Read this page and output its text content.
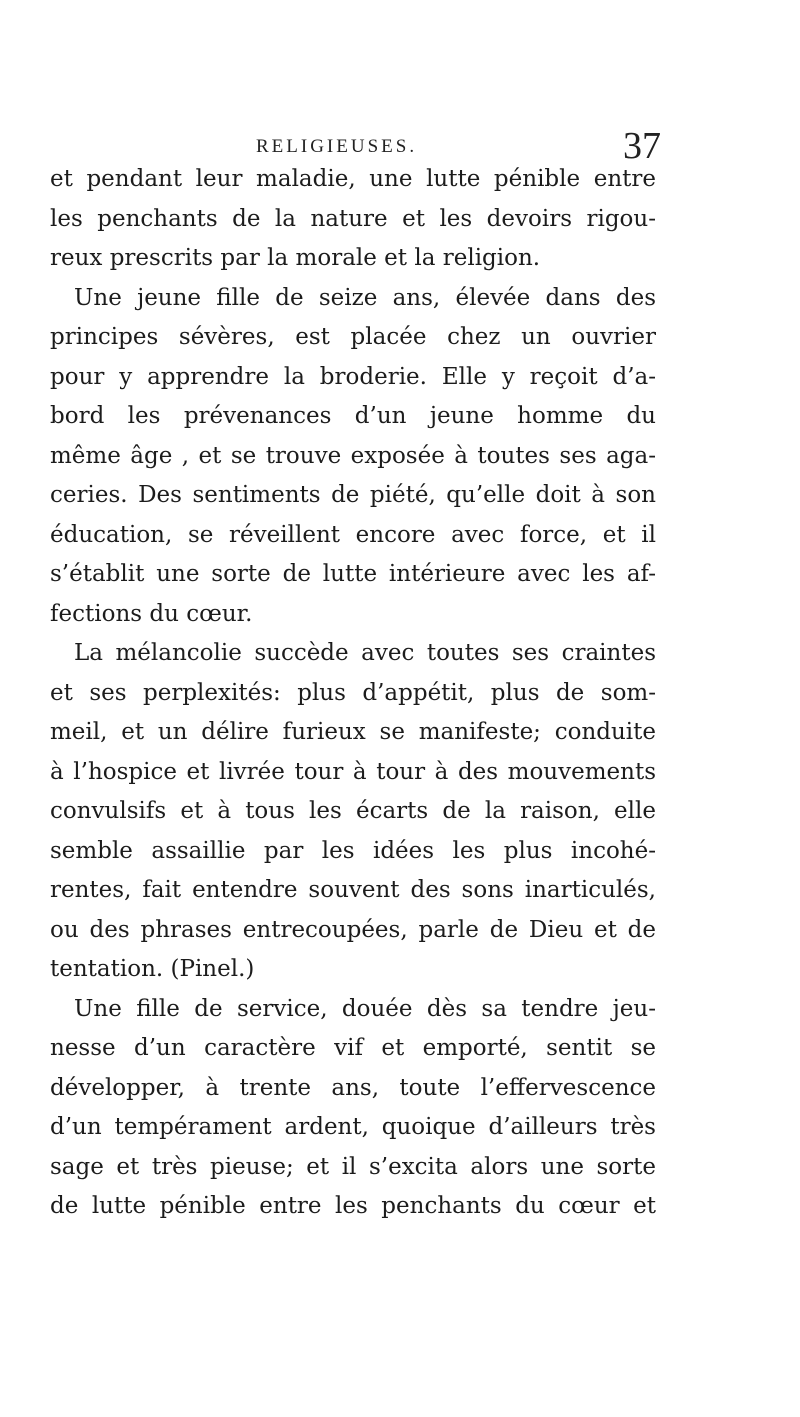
RELIGIEUSES.	37
et pendant leur maladie, une lutte pénible entre
les penchants de la nature et les devoirs rigou-
reux prescrits par la morale et la religion.
Une jeune fille de seize ans, élevée dans des
principes sévères, est placée chez un ouvrier
pour y apprendre la broderie. Elle y reçoit d’a-
bord les prévenances d’un jeune homme du
même âge , et se trouve exposée à toutes ses aga-
ceries. Des sentiments de piété, qu’elle doit à son
éducation, se réveillent encore avec force, et il
s’établit une sorte de lutte intérieure avec les af-
fections du cœur.
La mélancolie succède avec toutes ses craintes
et ses perplexités: plus d’appétit, plus de som-
meil, et un délire furieux se manifeste; conduite
à l’hospice et livrée tour à tour à des mouvements
convulsifs et à tous les écarts de la raison, elle
semble assaillie par les idées les plus incohé-
rentes, fait entendre souvent des sons inarticulés,
ou des phrases entrecoupées, parle de Dieu et de
tentation. (Pinel.)
Une fille de service, douée dès sa tendre jeu-
nesse d’un caractère vif et emporté, sentit se
développer, à trente ans, toute l’effervescence
d’un tempérament ardent, quoique d’ailleurs très
sage et très pieuse; et il s’excita alors une sorte
de lutte pénible entre les penchants du cœur et
